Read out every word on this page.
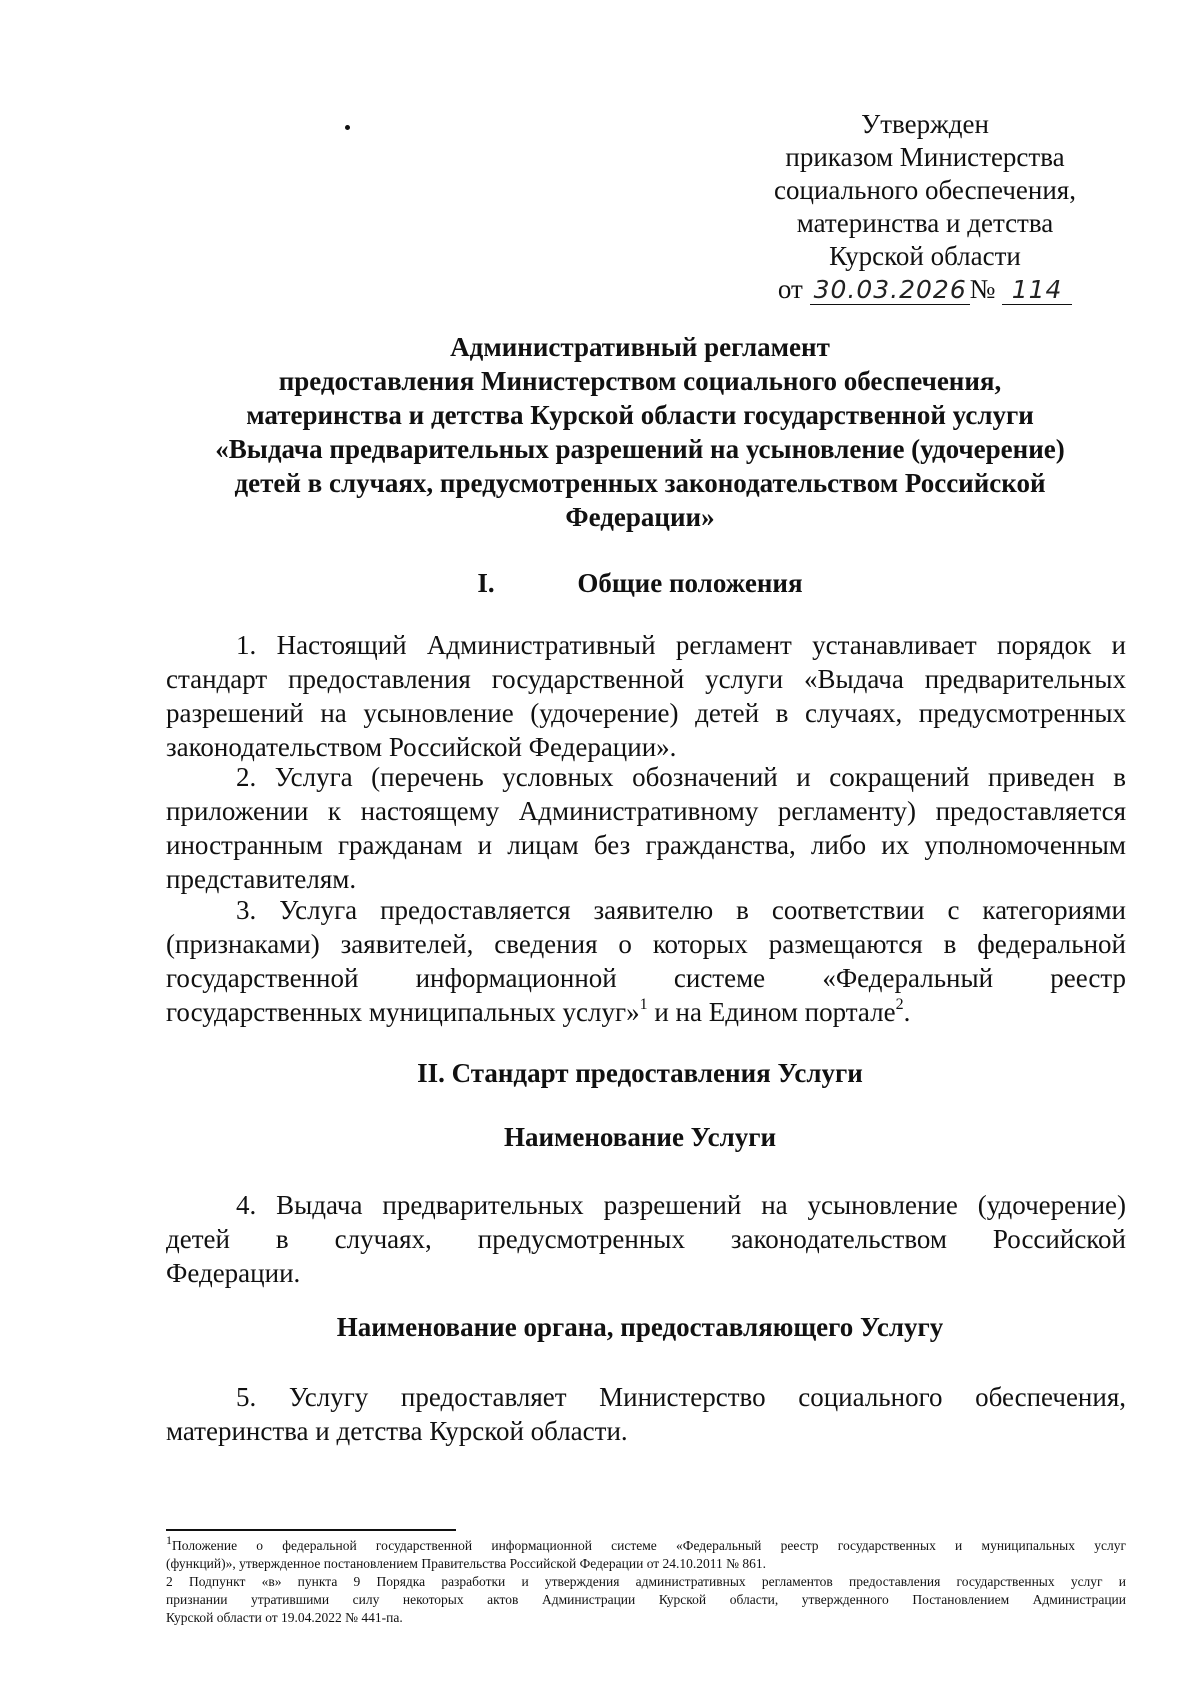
Утвержден
приказом Министерства
социального обеспечения,
материнства и детства
Курской области
от 30.03.2026 № 114
Административный регламент
предоставления Министерством социального обеспечения,
материнства и детства Курской области государственной услуги
«Выдача предварительных разрешений на усыновление (удочерение)
детей в случаях, предусмотренных законодательством Российской
Федерации»
I.	Общие положения
1. Настоящий Административный регламент устанавливает порядок и
стандарт предоставления государственной услуги «Выдача предварительных
разрешений на усыновление (удочерение) детей в случаях, предусмотренных
законодательством Российской Федерации».
2. Услуга (перечень условных обозначений и сокращений приведен в
приложении к настоящему Административному регламенту) предоставляется
иностранным гражданам и лицам без гражданства, либо их уполномоченным
представителям.
3. Услуга предоставляется заявителю в соответствии с категориями
(признаками) заявителей, сведения о которых размещаются в федеральной
государственной информационной системе «Федеральный реестр
государственных муниципальных услуг»$^1$ и на Едином портале$^2$.
II. Стандарт предоставления Услуги
Наименование Услуги
4. Выдача предварительных разрешений на усыновление (удочерение)
детей в случаях, предусмотренных законодательством Российской
Федерации.
Наименование органа, предоставляющего Услугу
5. Услугу предоставляет Министерство социального обеспечения,
материнства и детства Курской области.
$^1$Положение о федеральной государственной информационной системе «Федеральный реестр государственных и муниципальных услуг
(функций)», утвержденное постановлением Правительства Российской Федерации от 24.10.2011 № 861.
2 Подпункт «в» пункта 9 Порядка разработки и утверждения административных регламентов предоставления государственных услуг и
признании утратившими силу некоторых актов Администрации Курской области, утвержденного Постановлением Администрации
Курской области от 19.04.2022 № 441-па.
